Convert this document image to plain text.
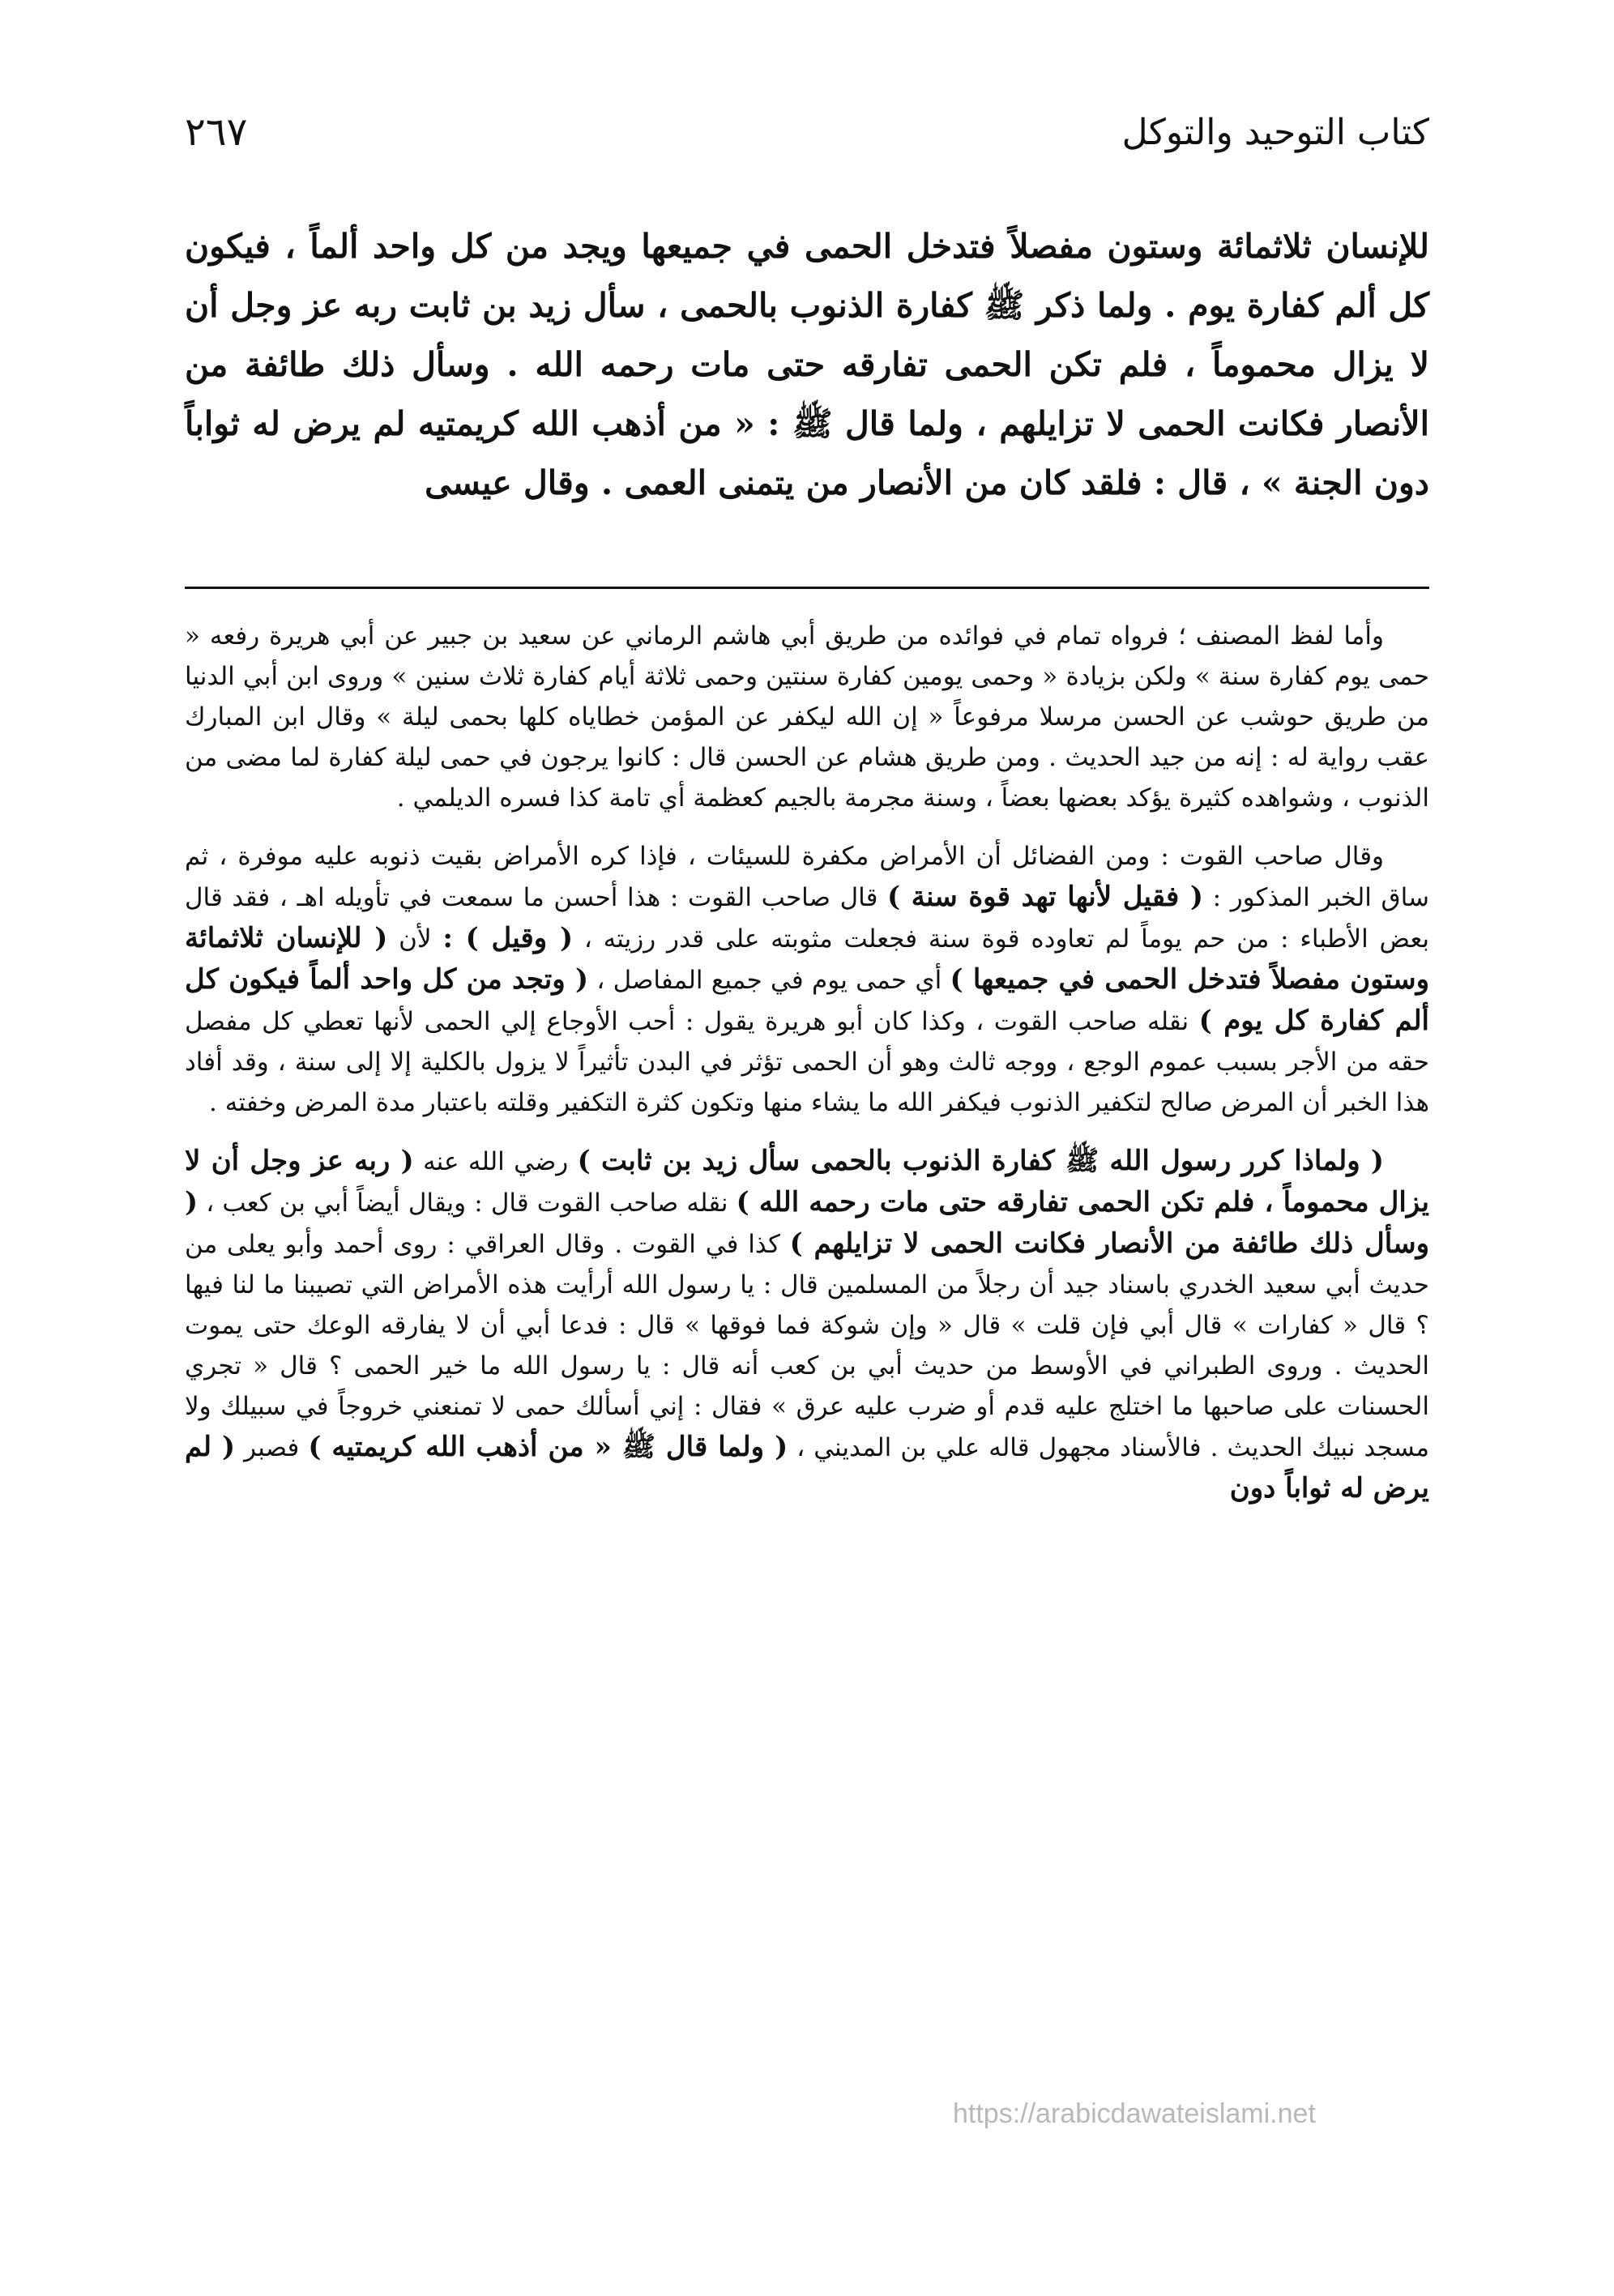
كتاب التوحيد والتوكل
٢٦٧

للإنسان ثلاثمائة وستون مفصلاً فتدخل الحمى في جميعها ويجد من كل واحد ألماً ، فيكون كل ألم كفارة يوم . ولما ذكر ﷺ كفارة الذنوب بالحمى ، سأل زيد بن ثابت ربه عز وجل أن لا يزال محموماً ، فلم تكن الحمى تفارقه حتى مات رحمه الله . وسأل ذلك طائفة من الأنصار فكانت الحمى لا تزايلهم ، ولما قال ﷺ : « من أذهب الله كريمتيه لم يرض له ثواباً دون الجنة » ، قال : فلقد كان من الأنصار من يتمنى العمى . وقال عيسى

وأما لفظ المصنف ؛ فرواه تمام في فوائده من طريق أبي هاشم الرماني عن سعيد بن جبير عن أبي هريرة رفعه « حمى يوم كفارة سنة » ولكن بزيادة « وحمى يومين كفارة سنتين وحمى ثلاثة أيام كفارة ثلاث سنين » وروى ابن أبي الدنيا من طريق حوشب عن الحسن مرسلا مرفوعاً « إن الله ليكفر عن المؤمن خطاياه كلها بحمى ليلة » وقال ابن المبارك عقب رواية له : إنه من جيد الحديث . ومن طريق هشام عن الحسن قال : كانوا يرجون في حمى ليلة كفارة لما مضى من الذنوب ، وشواهده كثيرة يؤكد بعضها بعضاً ، وسنة مجرمة بالجيم كعظمة أي تامة كذا فسره الديلمي .

وقال صاحب القوت : ومن الفضائل أن الأمراض مكفرة للسيئات ، فإذا كره الأمراض بقيت ذنوبه عليه موفرة ، ثم ساق الخبر المذكور : ( فقيل لأنها تهد قوة سنة ) قال صاحب القوت : هذا أحسن ما سمعت في تأويله اهـ ، فقد قال بعض الأطباء : من حم يوماً لم تعاوده قوة سنة فجعلت مثوبته على قدر رزيته ، ( وقيل ) : لأن ( للإنسان ثلاثمائة وستون مفصلاً فتدخل الحمى في جميعها ) أي حمى يوم في جميع المفاصل ، ( وتجد من كل واحد ألماً فيكون كل ألم كفارة كل يوم ) نقله صاحب القوت ، وكذا كان أبو هريرة يقول : أحب الأوجاع إلي الحمى لأنها تعطي كل مفصل حقه من الأجر بسبب عموم الوجع ، ووجه ثالث وهو أن الحمى تؤثر في البدن تأثيراً لا يزول بالكلية إلا إلى سنة ، وقد أفاد هذا الخبر أن المرض صالح لتكفير الذنوب فيكفر الله ما يشاء منها وتكون كثرة التكفير وقلته باعتبار مدة المرض وخفته .

( ولماذا كرر رسول الله ﷺ كفارة الذنوب بالحمى سأل زيد بن ثابت ) رضي الله عنه ( ربه عز وجل أن لا يزال محموماً ، فلم تكن الحمى تفارقه حتى مات رحمه الله ) نقله صاحب القوت قال : ويقال أيضاً أبي بن كعب ، ( وسأل ذلك طائفة من الأنصار فكانت الحمى لا تزايلهم ) كذا في القوت . وقال العراقي : روى أحمد وأبو يعلى من حديث أبي سعيد الخدري باسناد جيد أن رجلاً من المسلمين قال : يا رسول الله أرأيت هذه الأمراض التي تصيبنا ما لنا فيها ؟ قال « كفارات » قال أبي فإن قلت » قال « وإن شوكة فما فوقها » قال : فدعا أبي أن لا يفارقه الوعك حتى يموت الحديث . وروى الطبراني في الأوسط من حديث أبي بن كعب أنه قال : يا رسول الله ما خير الحمى ؟ قال « تجري الحسنات على صاحبها ما اختلج عليه قدم أو ضرب عليه عرق » فقال : إني أسألك حمى لا تمنعني خروجاً في سبيلك ولا مسجد نبيك الحديث . فالأسناد مجهول قاله علي بن المديني ، ( ولما قال ﷺ « من أذهب الله كريمتيه ) فصبر ( لم يرض له ثواباً دون

https://arabicdawateislami.net
